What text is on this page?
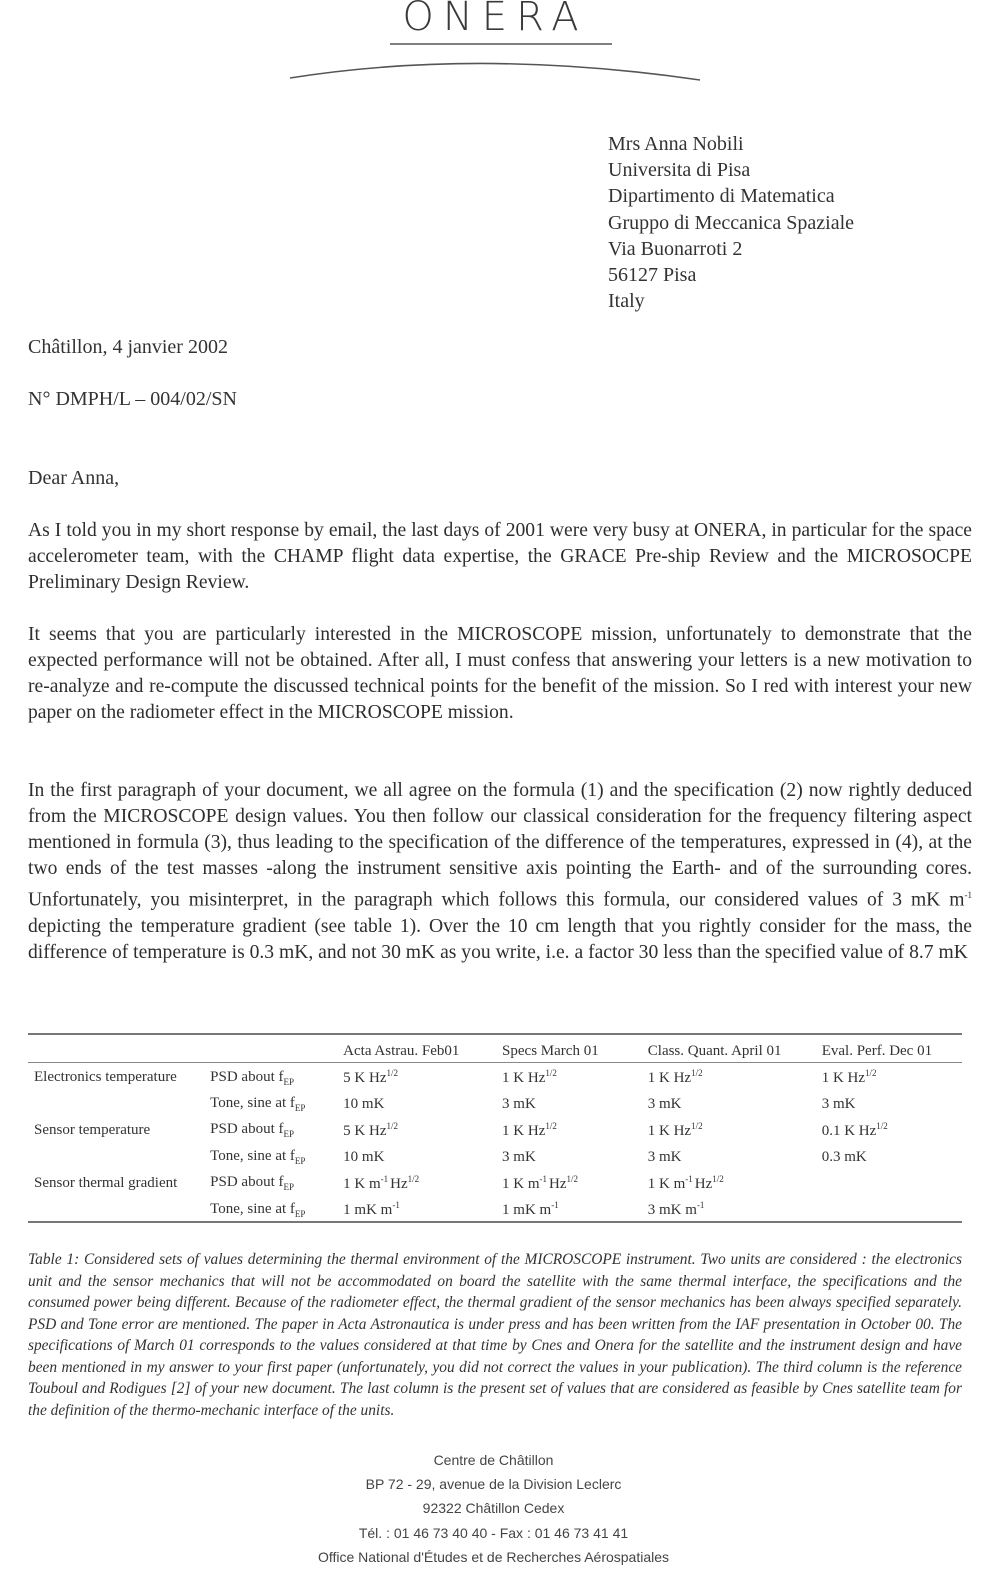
ONERA
Mrs Anna Nobili
Universita di Pisa
Dipartimento di Matematica
Gruppo di Meccanica Spaziale
Via Buonarroti 2
56127 Pisa
Italy
Châtillon, 4 janvier 2002
N° DMPH/L – 004/02/SN
Dear Anna,
As I told you in my short response by email, the last days of 2001 were very busy at ONERA, in particular for the space accelerometer team, with the CHAMP flight data expertise, the GRACE Pre-ship Review and the MICROSOCPE Preliminary Design Review.
It seems that you are particularly interested in the MICROSCOPE mission, unfortunately to demonstrate that the expected performance will not be obtained. After all, I must confess that answering your letters is a new motivation to re-analyze and re-compute the discussed technical points for the benefit of the mission. So I red with interest your new paper on the radiometer effect in the MICROSCOPE mission.
In the first paragraph of your document, we all agree on the formula (1) and the specification (2) now rightly deduced from the MICROSCOPE design values. You then follow our classical consideration for the frequency filtering aspect mentioned in formula (3), thus leading to the specification of the difference of the temperatures, expressed in (4), at the two ends of the test masses -along the instrument sensitive axis pointing the Earth- and of the surrounding cores. Unfortunately, you misinterpret, in the paragraph which follows this formula, our considered values of 3 mK $m^{-1}$ depicting the temperature gradient (see table 1). Over the 10 cm length that you rightly consider for the mass, the difference of temperature is 0.3 mK, and not 30 mK as you write, i.e. a factor 30 less than the specified value of 8.7 mK
		Acta Astrau. Feb01	Specs March 01	Class. Quant. April 01	Eval. Perf. Dec 01
Electronics temperature	PSD about $f_{EP}$	5 K $Hz^{1/2}$	1 K $Hz^{1/2}$	1 K $Hz^{1/2}$	1 K $Hz^{1/2}$
	Tone, sine at $f_{EP}$	10 mK	3 mK	3 mK	3 mK
Sensor temperature	PSD about $f_{EP}$	5 K $Hz^{1/2}$	1 K $Hz^{1/2}$	1 K $Hz^{1/2}$	0.1 K $Hz^{1/2}$
	Tone, sine at $f_{EP}$	10 mK	3 mK	3 mK	0.3 mK
Sensor thermal gradient	PSD about $f_{EP}$	1 K $m^{-1}$ $Hz^{1/2}$	1 K $m^{-1}$ $Hz^{1/2}$	1 K $m^{-1}$ $Hz^{1/2}$	
	Tone, sine at $f_{EP}$	1 mK $m^{-1}$	1 mK $m^{-1}$	3 mK $m^{-1}$	
Table 1: Considered sets of values determining the thermal environment of the MICROSCOPE instrument. Two units are considered : the electronics unit and the sensor mechanics that will not be accommodated on board the satellite with the same thermal interface, the specifications and the consumed power being different. Because of the radiometer effect, the thermal gradient of the sensor mechanics has been always specified separately. PSD and Tone error are mentioned. The paper in Acta Astronautica is under press and has been written from the IAF presentation in October 00. The specifications of March 01 corresponds to the values considered at that time by Cnes and Onera for the satellite and the instrument design and have been mentioned in my answer to your first paper (unfortunately, you did not correct the values in your publication). The third column is the reference Touboul and Rodigues [2] of your new document. The last column is the present set of values that are considered as feasible by Cnes satellite team for the definition of the thermo-mechanic interface of the units.
Centre de Châtillon
BP 72 - 29, avenue de la Division Leclerc
92322 Châtillon Cedex
Tél. : 01 46 73 40 40 - Fax : 01 46 73 41 41
Office National d'Études et de Recherches Aérospatiales
